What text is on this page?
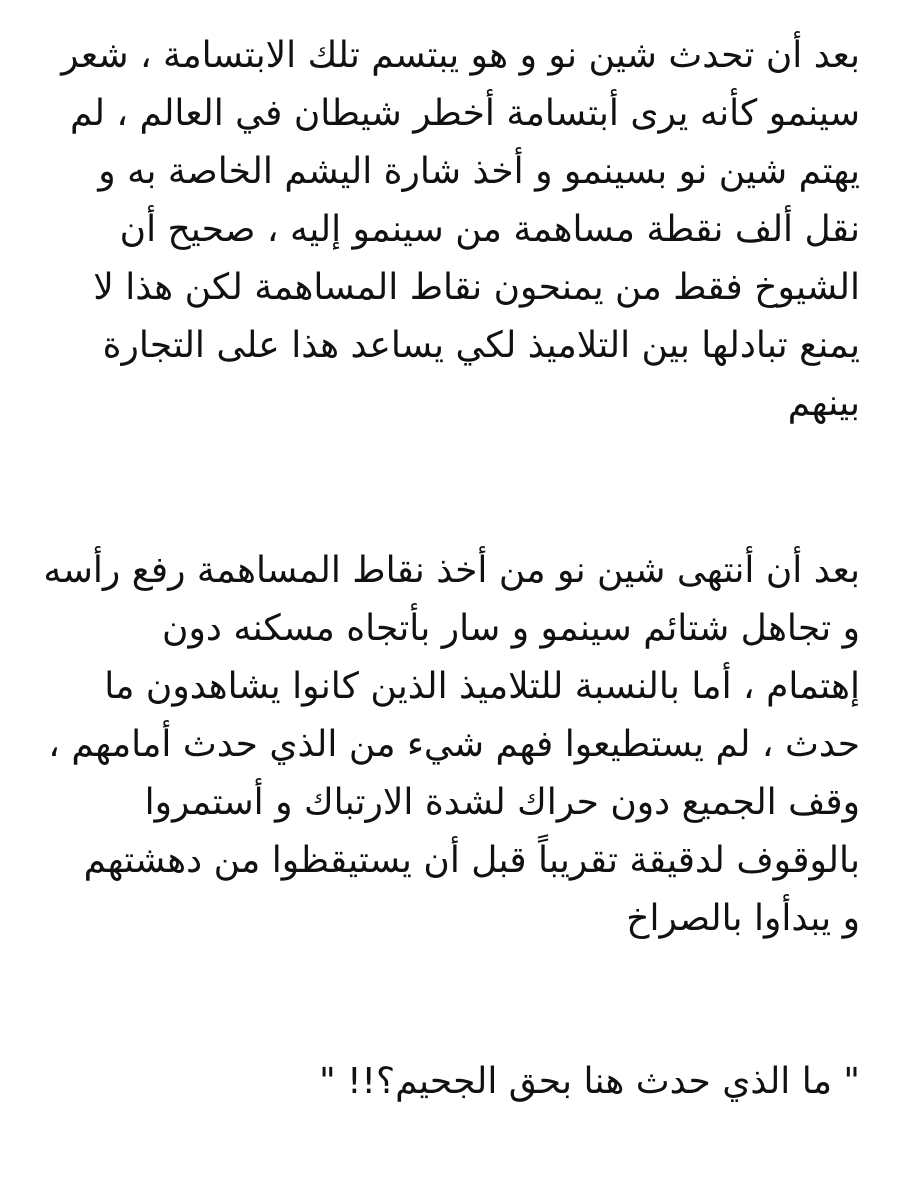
بعد أن تحدث شين نو و هو يبتسم تلك الابتسامة ، شعر
سينمو كأنه يرى أبتسامة أخطر شيطان في العالم ، لم
يهتم شين نو بسينمو و أخذ شارة اليشم الخاصة به و
نقل ألف نقطة مساهمة من سينمو إليه ، صحيح أن
الشيوخ فقط من يمنحون نقاط المساهمة لكن هذا لا
يمنع تبادلها بين التلاميذ لكي يساعد هذا على التجارة
بينهم
بعد أن أنتهى شين نو من أخذ نقاط المساهمة رفع رأسه
و تجاهل شتائم سينمو و سار بأتجاه مسكنه دون
إهتمام ، أما بالنسبة للتلاميذ الذين كانوا يشاهدون ما
حدث ، لم يستطيعوا فهم شيء من الذي حدث أمامهم ،
وقف الجميع دون حراك لشدة الارتباك و أستمروا
بالوقوف لدقيقة تقريباً قبل أن يستيقظوا من دهشتهم
و يبدأوا بالصراخ
" ما الذي حدث هنا بحق الجحيم؟!! "
